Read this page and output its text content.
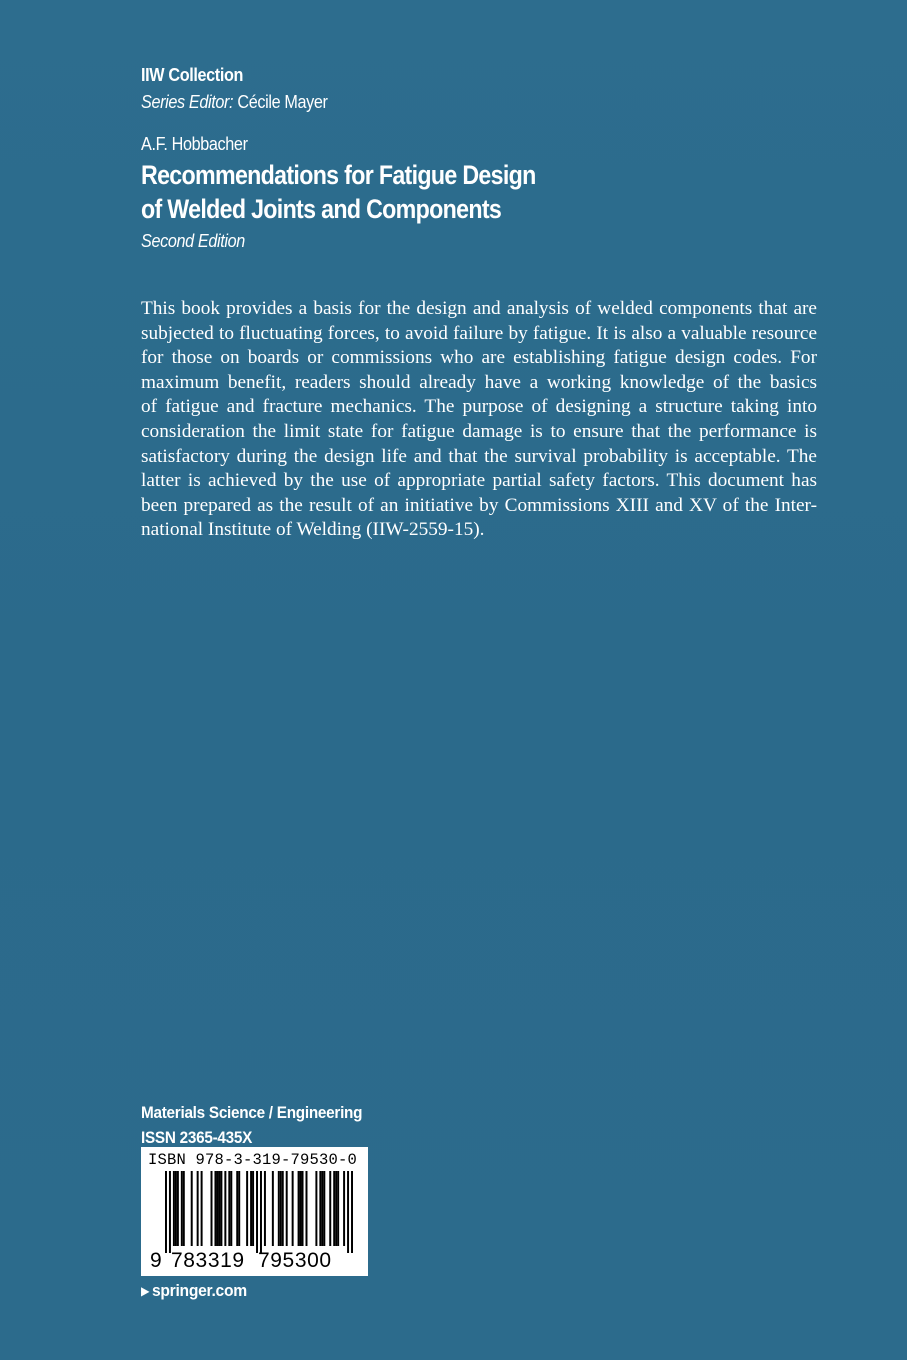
IIW Collection
Series Editor: Cécile Mayer
A.F. Hobbacher
Recommendations for Fatigue Design
of Welded Joints and Components
Second Edition
This book provides a basis for the design and analysis of welded components that are
subjected to fluctuating forces, to avoid failure by fatigue. It is also a valuable resource
for those on boards or commissions who are establishing fatigue design codes. For
maximum benefit, readers should already have a working knowledge of the basics
of fatigue and fracture mechanics. The purpose of designing a structure taking into
consideration the limit state for fatigue damage is to ensure that the performance is
satisfactory during the design life and that the survival probability is acceptable. The
latter is achieved by the use of appropriate partial safety factors. This document has
been prepared as the result of an initiative by Commissions XIII and XV of the Inter-
national Institute of Welding (IIW-2559-15).
Materials Science / Engineering
ISSN 2365-435X
ISBN 978-3-319-79530-0
9 783319 795300
▶ springer.com
